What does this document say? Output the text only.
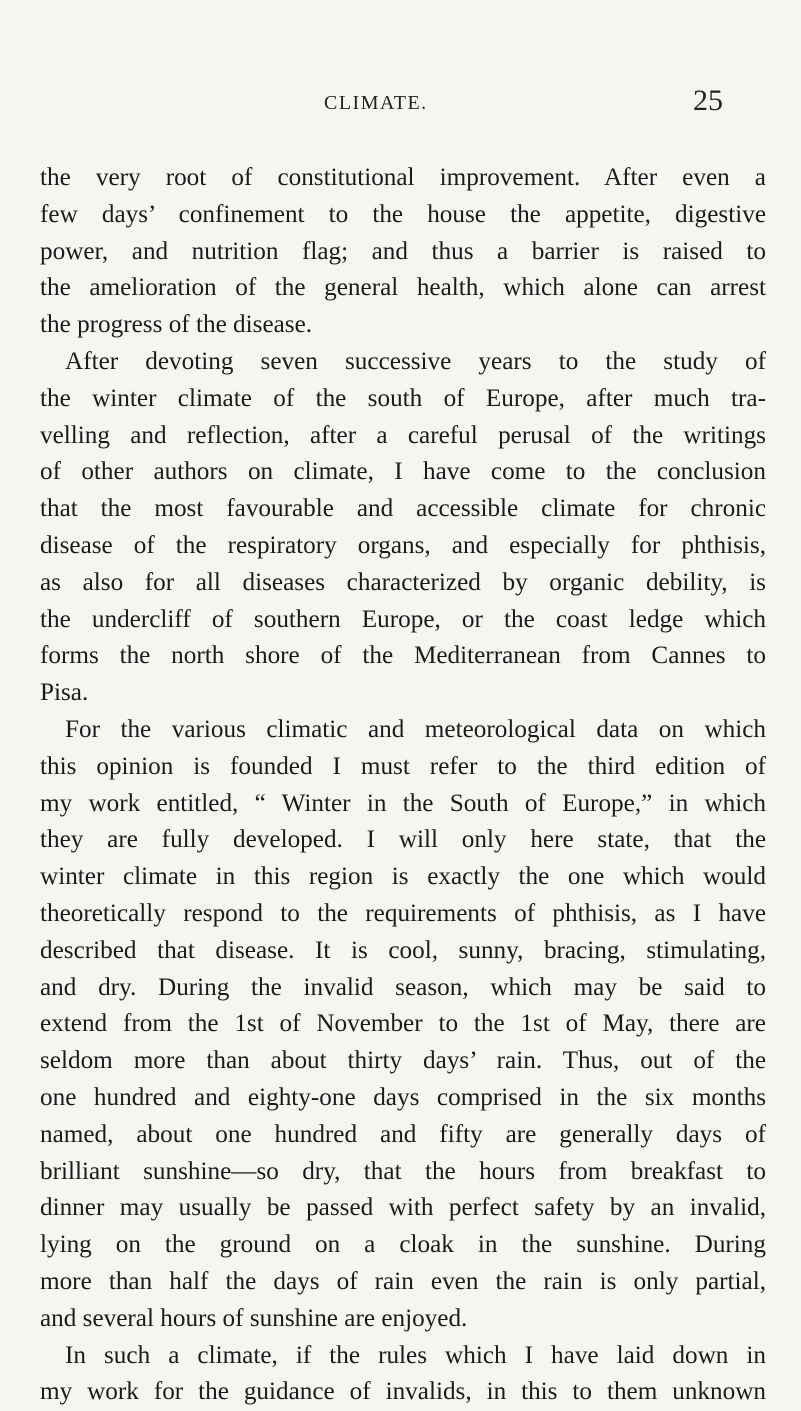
CLIMATE.	25
the very root of constitutional improvement. After even a
few days’ confinement to the house the appetite, digestive
power, and nutrition flag; and thus a barrier is raised to
the amelioration of the general health, which alone can arrest
the progress of the disease.
After devoting seven successive years to the study of
the winter climate of the south of Europe, after much tra-
velling and reflection, after a careful perusal of the writings
of other authors on climate, I have come to the conclusion
that the most favourable and accessible climate for chronic
disease of the respiratory organs, and especially for phthisis,
as also for all diseases characterized by organic debility, is
the undercliff of southern Europe, or the coast ledge which
forms the north shore of the Mediterranean from Cannes to
Pisa.
For the various climatic and meteorological data on which
this opinion is founded I must refer to the third edition of
my work entitled, “ Winter in the South of Europe,” in which
they are fully developed. I will only here state, that the
winter climate in this region is exactly the one which would
theoretically respond to the requirements of phthisis, as I have
described that disease. It is cool, sunny, bracing, stimulating,
and dry. During the invalid season, which may be said to
extend from the 1st of November to the 1st of May, there are
seldom more than about thirty days’ rain. Thus, out of the
one hundred and eighty-one days comprised in the six months
named, about one hundred and fifty are generally days of
brilliant sunshine—so dry, that the hours from breakfast to
dinner may usually be passed with perfect safety by an invalid,
lying on the ground on a cloak in the sunshine. During
more than half the days of rain even the rain is only partial,
and several hours of sunshine are enjoyed.
In such a climate, if the rules which I have laid down in
my work for the guidance of invalids, in this to them unknown
